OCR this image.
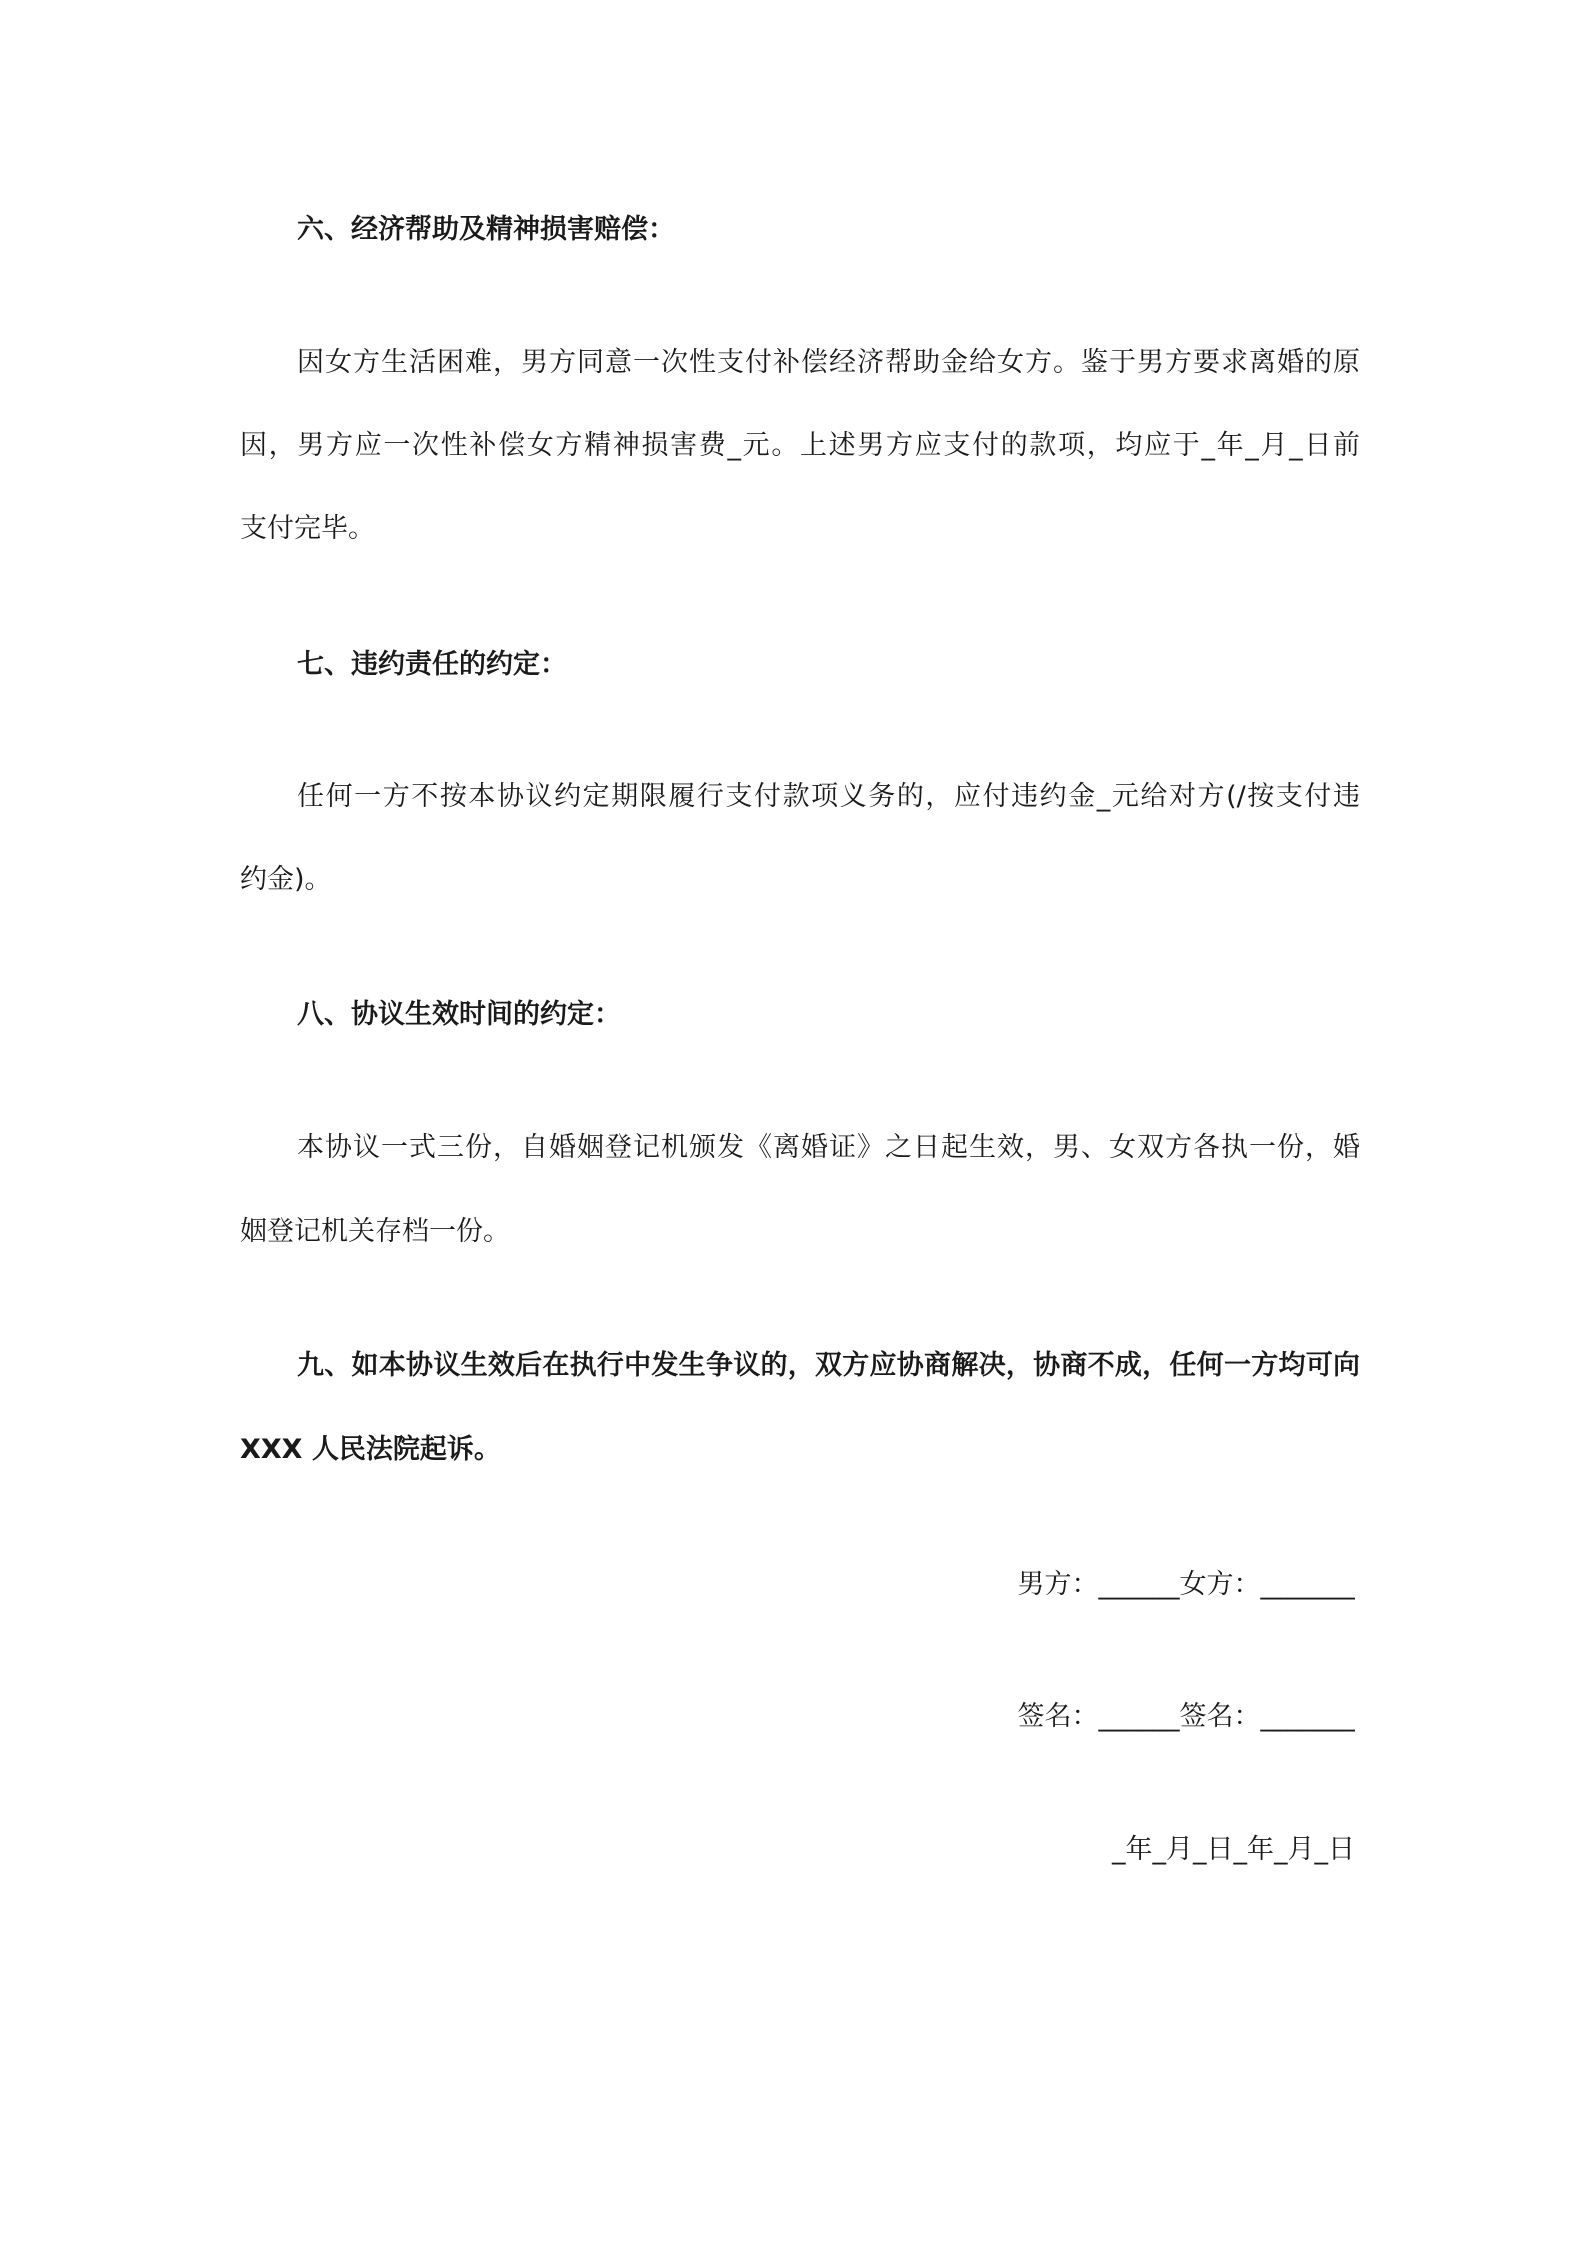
六、经济帮助及精神损害赔偿：
因女方生活困难，男方同意一次性支付补偿经济帮助金给女方。鉴于男方要求离婚的原
因，男方应一次性补偿女方精神损害费_元。上述男方应支付的款项，均应于_年_月_日前
支付完毕。
七、违约责任的约定：
任何一方不按本协议约定期限履行支付款项义务的，应付违约金_元给对方(/按支付违
约金)。
八、协议生效时间的约定：
本协议一式三份，自婚姻登记机颁发《离婚证》之日起生效，男、女双方各执一份，婚
姻登记机关存档一份。
九、如本协议生效后在执行中发生争议的，双方应协商解决，协商不成，任何一方均可向
XXX 人民法院起诉。
男方：______女方：_______
签名：______签名：_______
_年_月_日_年_月_日
